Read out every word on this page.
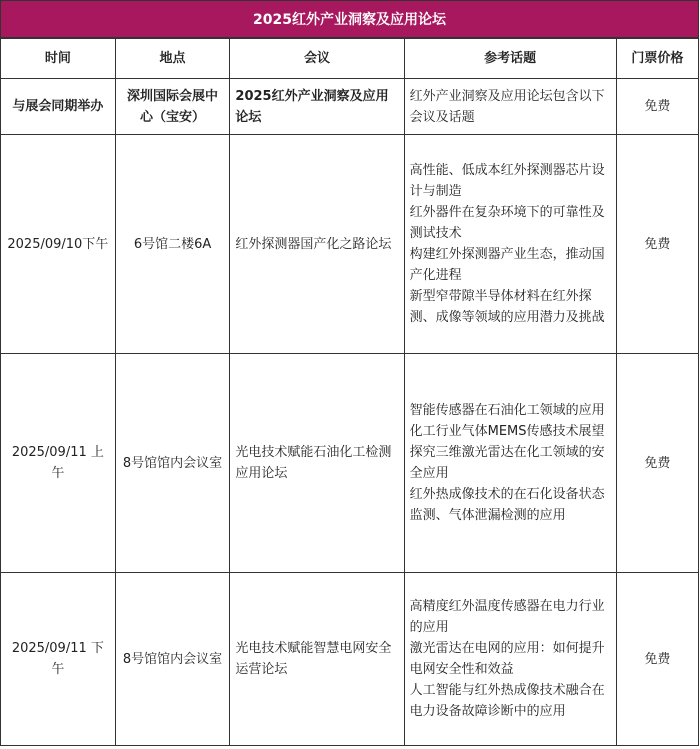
2025红外产业洞察及应用论坛
时间	地点	会议	参考话题	门票价格
与展会同期举办	深圳国际会展中心（宝安）	2025红外产业洞察及应用论坛	红外产业洞察及应用论坛包含以下会议及话题	免费
2025/09/10下午	6号馆二楼6A	红外探测器国产化之路论坛	高性能、低成本红外探测器芯片设计与制造
红外器件在复杂环境下的可靠性及测试技术
构建红外探测器产业生态，推动国产化进程
新型窄带隙半导体材料在红外探测、成像等领域的应用潜力及挑战	免费
2025/09/11 上午	8号馆馆内会议室	光电技术赋能石油化工检测应用论坛	智能传感器在石油化工领域的应用
化工行业气体MEMS传感技术展望
探究三维激光雷达在化工领域的安全应用
红外热成像技术的在石化设备状态监测、气体泄漏检测的应用	免费
2025/09/11 下午	8号馆馆内会议室	光电技术赋能智慧电网安全运营论坛	高精度红外温度传感器在电力行业的应用
激光雷达在电网的应用：如何提升电网安全性和效益
人工智能与红外热成像技术融合在电力设备故障诊断中的应用	免费
